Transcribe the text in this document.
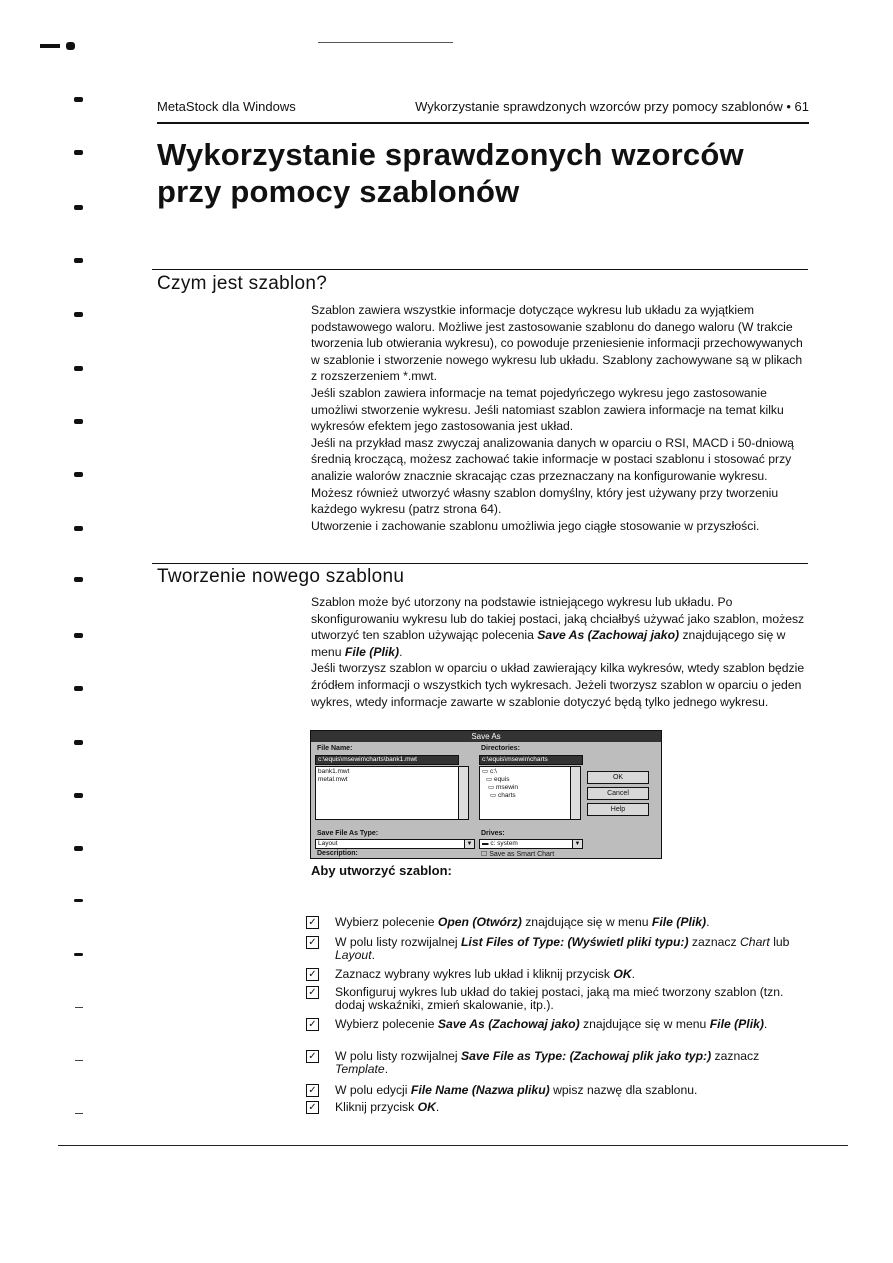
MetaStock dla Windows	Wykorzystanie sprawdzonych wzorców przy pomocy szablonów • 61
Wykorzystanie sprawdzonych wzorców
przy pomocy szablonów
Czym jest szablon?

Szablon zawiera wszystkie informacje dotyczące wykresu lub układu za wyjątkiem podstawowego waloru. Możliwe jest zastosowanie szablonu do danego waloru (W trakcie tworzenia lub otwierania wykresu), co powoduje przeniesienie informacji przechowywanych w szablonie i stworzenie nowego wykresu lub układu. Szablony zachowywane są w plikach z rozszerzeniem *.mwt.

Jeśli szablon zawiera informacje na temat pojedyńczego wykresu jego zastosowanie umożliwi stworzenie wykresu. Jeśli natomiast szablon zawiera informacje na temat kilku wykresów efektem jego zastosowania jest układ.

Jeśli na przykład masz zwyczaj analizowania danych w oparciu o RSI, MACD i 50-dniową średnią kroczącą, możesz zachować takie informacje w postaci szablonu i stosować przy analizie walorów znacznie skracając czas przeznaczany na konfigurowanie wykresu.

Możesz również utworzyć własny szablon domyślny, który jest używany przy tworzeniu każdego wykresu (patrz strona 64).

Utworzenie i zachowanie szablonu umożliwia jego ciągłe stosowanie w przyszłości.

Tworzenie nowego szablonu

Szablon może być utorzony na podstawie istniejącego wykresu lub układu. Po skonfigurowaniu wykresu lub do takiej postaci, jaką chciałbyś używać jako szablon, możesz utworzyć ten szablon używając polecenia Save As (Zachowaj jako) znajdującego się w menu File (Plik).

Jeśli tworzysz szablon w oparciu o układ zawierający kilka wykresów, wtedy szablon będzie źródłem informacji o wszystkich tych wykresach. Jeżeli tworzysz szablon w oparciu o jeden wykres, wtedy informacje zawarte w szablonie dotyczyć będą tylko jednego wykresu.

Save As
File Name:
c:\equis\msewin\charts\bank1.mwt
bank1.mwt
metal.mwt
Directories:
c:\equis\msewin\charts
▭ c:\
▭ equis
▭ msewin
▭ charts
OK
Cancel
Help
Save File As Type:
Layout	▼
Description:
Drives:
▬ c: system	▼
☐ Save as Smart Chart
Aby utworzyć szablon:
✓ Wybierz polecenie Open (Otwórz) znajdujące się w menu File (Plik).
✓ W polu listy rozwijalnej List Files of Type: (Wyświetl pliki typu:) zaznacz Chart lub Layout.
✓ Zaznacz wybrany wykres lub układ i kliknij przycisk OK.
✓ Skonfiguruj wykres lub układ do takiej postaci, jaką ma mieć tworzony szablon (tzn. dodaj wskaźniki, zmień skalowanie, itp.).
✓ Wybierz polecenie Save As (Zachowaj jako) znajdujące się w menu File (Plik).
✓ W polu listy rozwijalnej Save File as Type: (Zachowaj plik jako typ:) zaznacz Template.
✓ W polu edycji File Name (Nazwa pliku) wpisz nazwę dla szablonu.
✓ Kliknij przycisk OK.
